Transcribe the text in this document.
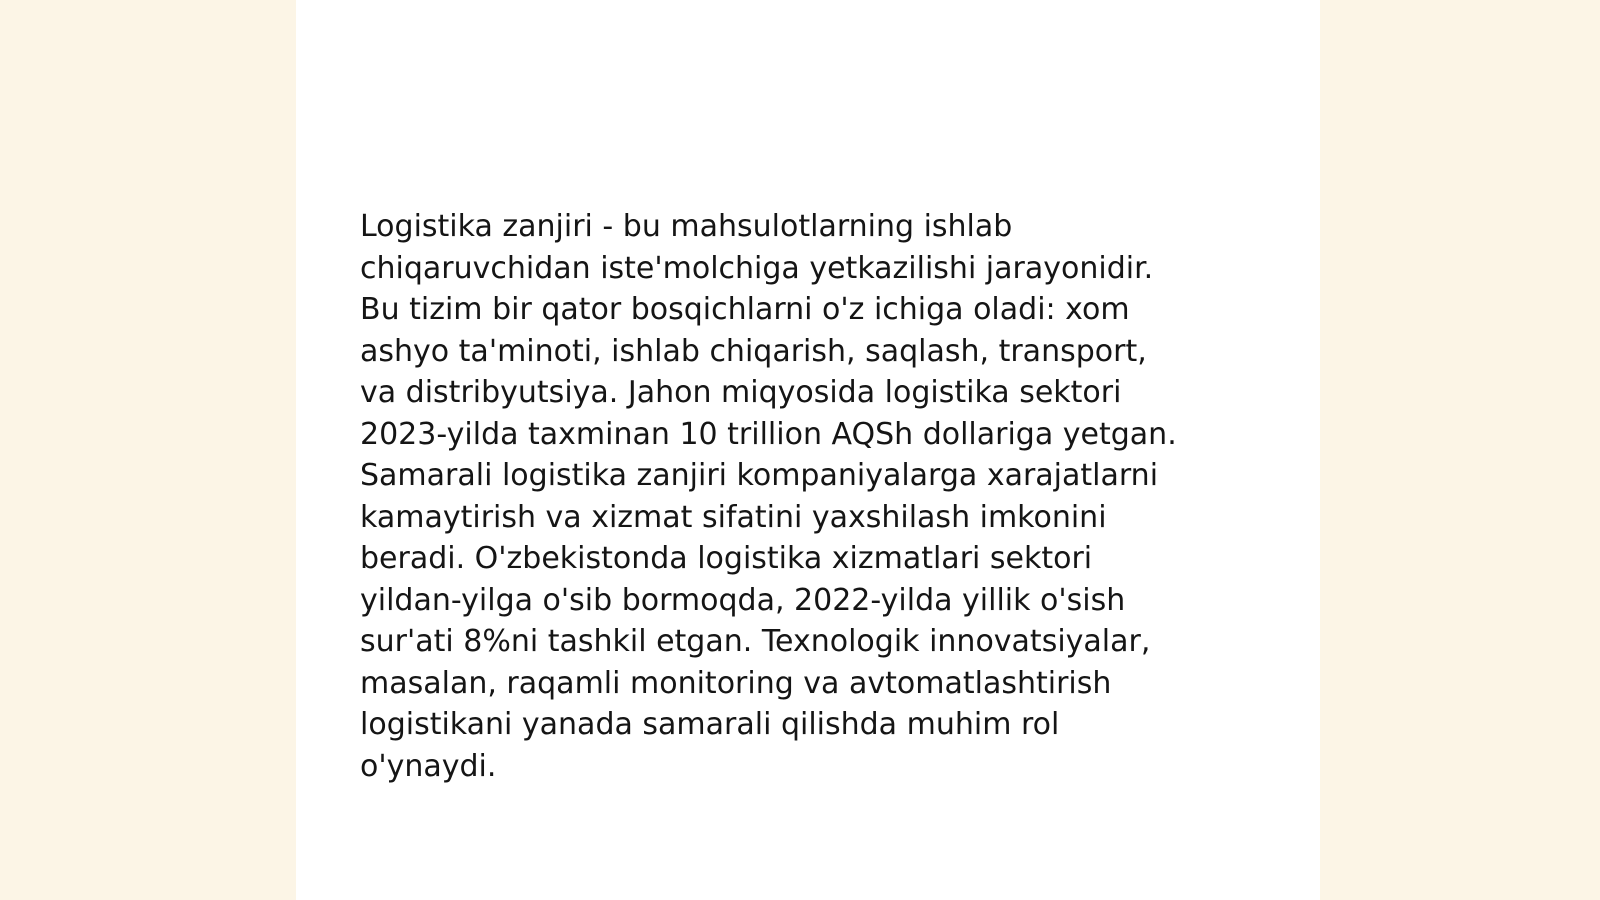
Logistika zanjiri - bu mahsulotlarning ishlab
chiqaruvchidan iste'molchiga yetkazilishi jarayonidir.
Bu tizim bir qator bosqichlarni o'z ichiga oladi: xom
ashyo ta'minoti, ishlab chiqarish, saqlash, transport,
va distribyutsiya. Jahon miqyosida logistika sektori
2023-yilda taxminan 10 trillion AQSh dollariga yetgan.
Samarali logistika zanjiri kompaniyalarga xarajatlarni
kamaytirish va xizmat sifatini yaxshilash imkonini
beradi. O'zbekistonda logistika xizmatlari sektori
yildan-yilga o'sib bormoqda, 2022-yilda yillik o'sish
sur'ati 8%ni tashkil etgan. Texnologik innovatsiyalar,
masalan, raqamli monitoring va avtomatlashtirish
logistikani yanada samarali qilishda muhim rol
o'ynaydi.
